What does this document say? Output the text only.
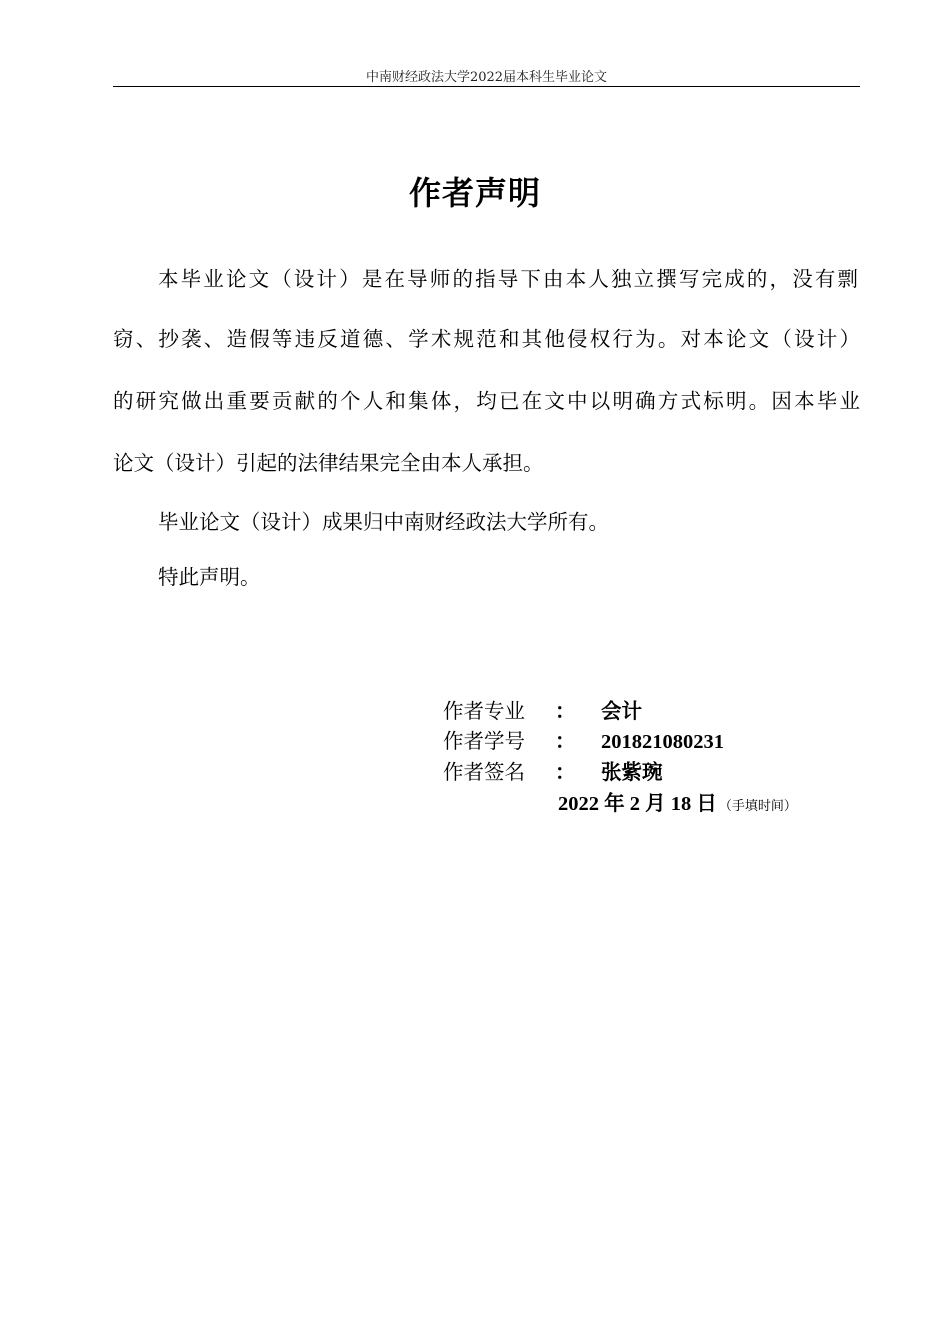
中南财经政法大学2022届本科生毕业论文
作者声明
本毕业论文（设计）是在导师的指导下由本人独立撰写完成的，没有剽
窃、抄袭、造假等违反道德、学术规范和其他侵权行为。对本论文（设计）
的研究做出重要贡献的个人和集体，均已在文中以明确方式标明。因本毕业
论文（设计）引起的法律结果完全由本人承担。
毕业论文（设计）成果归中南财经政法大学所有。
特此声明。
作者专业 ： 会计
作者学号 ： 201821080231
作者签名 ： 张紫琬
2022 年 2 月 18 日 （手填时间）
